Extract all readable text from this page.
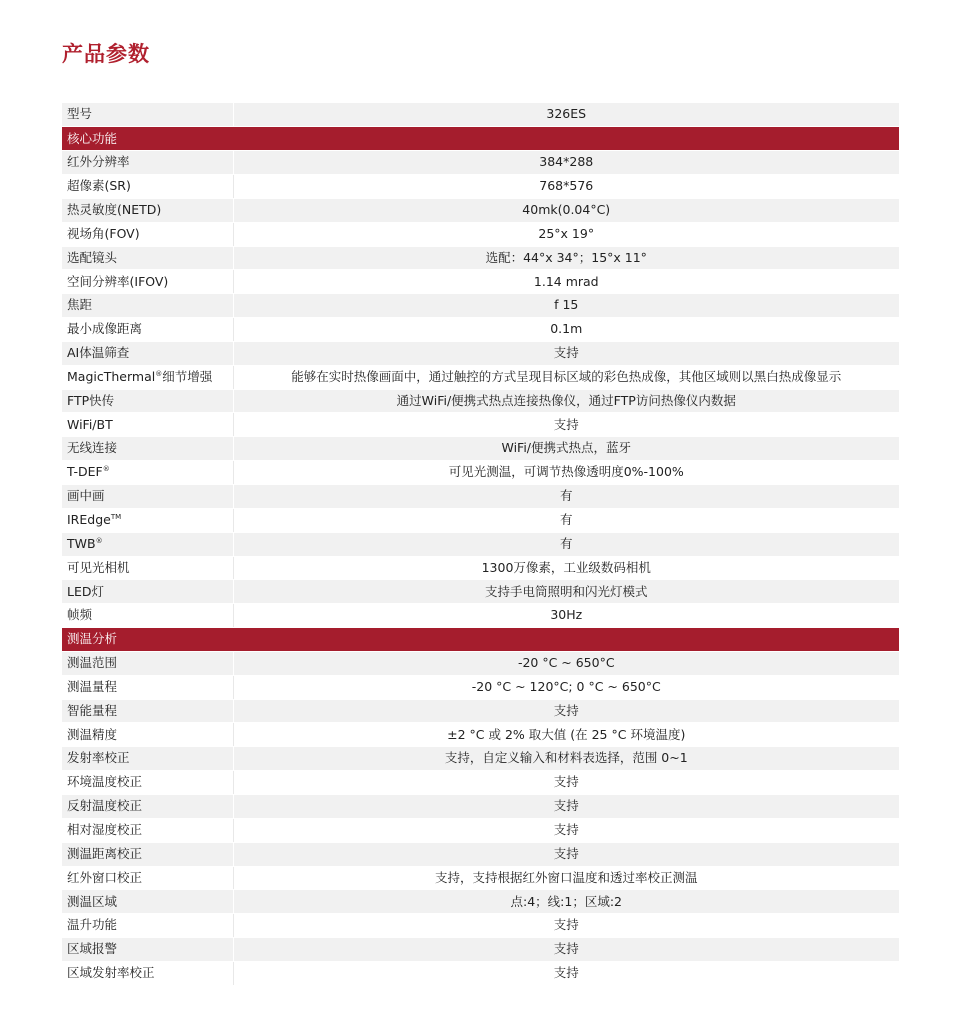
产品参数
型号	326ES
核心功能	
红外分辨率	384*288
超像素(SR)	768*576
热灵敏度(NETD)	40mk(0.04°C)
视场角(FOV)	25°x 19°
选配镜头	选配：44°x 34°；15°x 11°
空间分辨率(IFOV)	1.14 mrad
焦距	f 15
最小成像距离	0.1m
AI体温筛查	支持
MagicThermal®细节增强	能够在实时热像画面中，通过触控的方式呈现目标区域的彩色热成像，其他区域则以黑白热成像显示
FTP快传	通过WiFi/便携式热点连接热像仪，通过FTP访问热像仪内数据
WiFi/BT	支持
无线连接	WiFi/便携式热点，蓝牙
T-DEF®	可见光测温，可调节热像透明度0%-100%
画中画	有
IREdge™	有
TWB®	有
可见光相机	1300万像素，工业级数码相机
LED灯	支持手电筒照明和闪光灯模式
帧频	30Hz
测温分析	
测温范围	-20 °C ~ 650°C
测温量程	-20 °C ~ 120°C; 0 °C ~ 650°C
智能量程	支持
测温精度	±2 °C 或 2% 取大值 (在 25 °C 环境温度)
发射率校正	支持，自定义输入和材料表选择，范围 0~1
环境温度校正	支持
反射温度校正	支持
相对湿度校正	支持
测温距离校正	支持
红外窗口校正	支持，支持根据红外窗口温度和透过率校正测温
测温区域	点:4；线:1；区域:2
温升功能	支持
区域报警	支持
区域发射率校正	支持
